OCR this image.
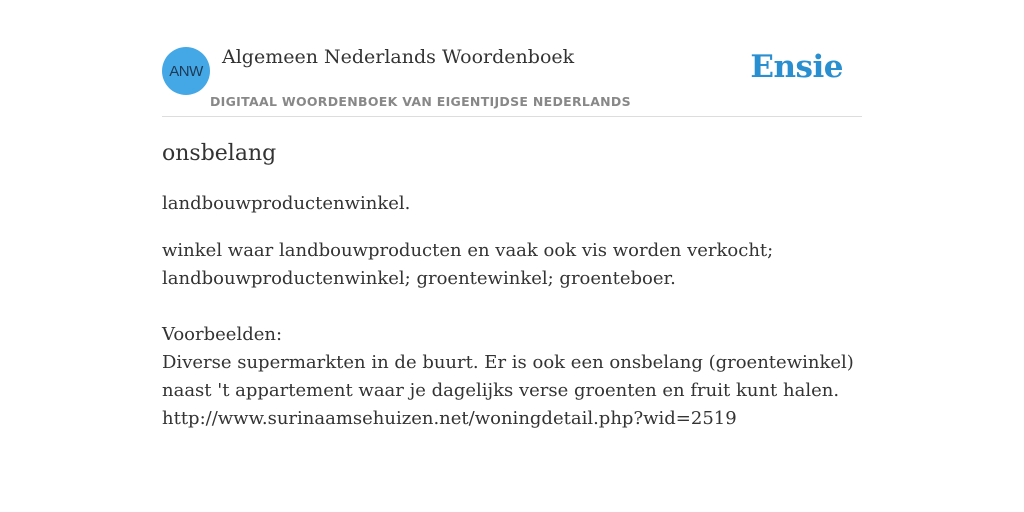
ANW
Algemeen Nederlands Woordenboek
DIGITAAL WOORDENBOEK VAN EIGENTIJDSE NEDERLANDS
Ensie
onsbelang

landbouwproductenwinkel.

winkel waar landbouwproducten en vaak ook vis worden verkocht; landbouwproductenwinkel; groentewinkel; groenteboer.

Voorbeelden:

Diverse supermarkten in de buurt. Er is ook een onsbelang (groentewinkel) naast 't appartement waar je dagelijks verse groenten en fruit kunt halen.

http://www.surinaamsehuizen.net/woningdetail.php?wid=2519
